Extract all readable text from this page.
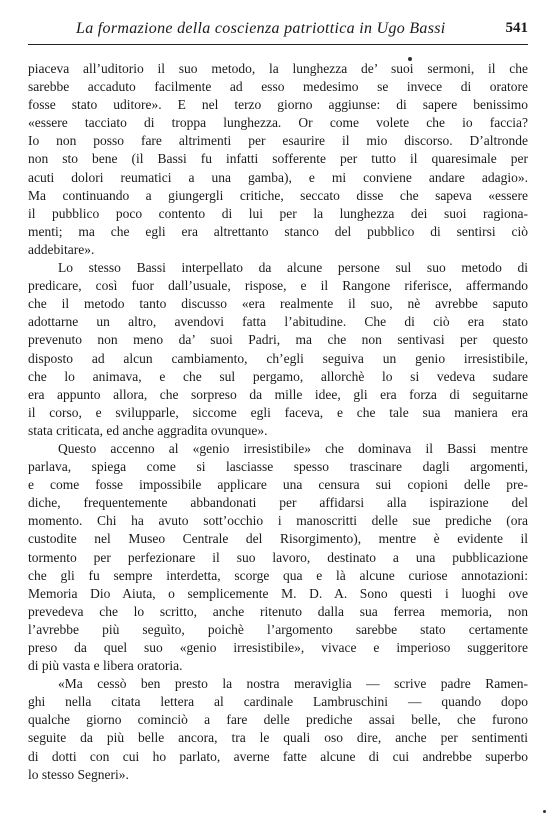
La formazione della coscienza patriottica in Ugo Bassi	541
piaceva all’uditorio il suo metodo, la lunghezza de’ suoi sermoni, il che
sarebbe accaduto facilmente ad esso medesimo se invece di oratore
fosse stato uditore». E nel terzo giorno aggiunse: di sapere benissimo
«essere tacciato di troppa lunghezza. Or come volete che io faccia?
Io non posso fare altrimenti per esaurire il mio discorso. D’altronde
non sto bene (il Bassi fu infatti sofferente per tutto il quaresimale per
acuti dolori reumatici a una gamba), e mi conviene andare adagio».
Ma continuando a giungergli critiche, seccato disse che sapeva «essere
il pubblico poco contento di lui per la lunghezza dei suoi ragiona-
menti; ma che egli era altrettanto stanco del pubblico di sentirsi ciò
addebitare».
Lo stesso Bassi interpellato da alcune persone sul suo metodo di
predicare, così fuor dall’usuale, rispose, e il Rangone riferisce, affermando
che il metodo tanto discusso «era realmente il suo, nè avrebbe saputo
adottarne un altro, avendovi fatta l’abitudine. Che di ciò era stato
prevenuto non meno da’ suoi Padri, ma che non sentivasi per questo
disposto ad alcun cambiamento, ch’egli seguiva un genio irresistibile,
che lo animava, e che sul pergamo, allorchè lo si vedeva sudare
era appunto allora, che sorpreso da mille idee, gli era forza di seguitarne
il corso, e svilupparle, siccome egli faceva, e che tale sua maniera era
stata criticata, ed anche aggradita ovunque».
Questo accenno al «genio irresistibile» che dominava il Bassi mentre
parlava, spiega come si lasciasse spesso trascinare dagli argomenti,
e come fosse impossibile applicare una censura sui copioni delle pre-
diche, frequentemente abbandonati per affidarsi alla ispirazione del
momento. Chi ha avuto sott’occhio i manoscritti delle sue prediche (ora
custodite nel Museo Centrale del Risorgimento), mentre è evidente il
tormento per perfezionare il suo lavoro, destinato a una pubblicazione
che gli fu sempre interdetta, scorge qua e là alcune curiose annotazioni:
Memoria Dio Aiuta, o semplicemente M. D. A. Sono questi i luoghi ove
prevedeva che lo scritto, anche ritenuto dalla sua ferrea memoria, non
l’avrebbe più seguìto, poichè l’argomento sarebbe stato certamente
preso da quel suo «genio irresistibile», vivace e imperioso suggeritore
di più vasta e libera oratoria.
«Ma cessò ben presto la nostra meraviglia — scrive padre Ramen-
ghi nella citata lettera al cardinale Lambruschini — quando dopo
qualche giorno cominciò a fare delle prediche assai belle, che furono
seguite da più belle ancora, tra le quali oso dire, anche per sentimenti
di dotti con cui ho parlato, averne fatte alcune di cui andrebbe superbo
lo stesso Segneri».
